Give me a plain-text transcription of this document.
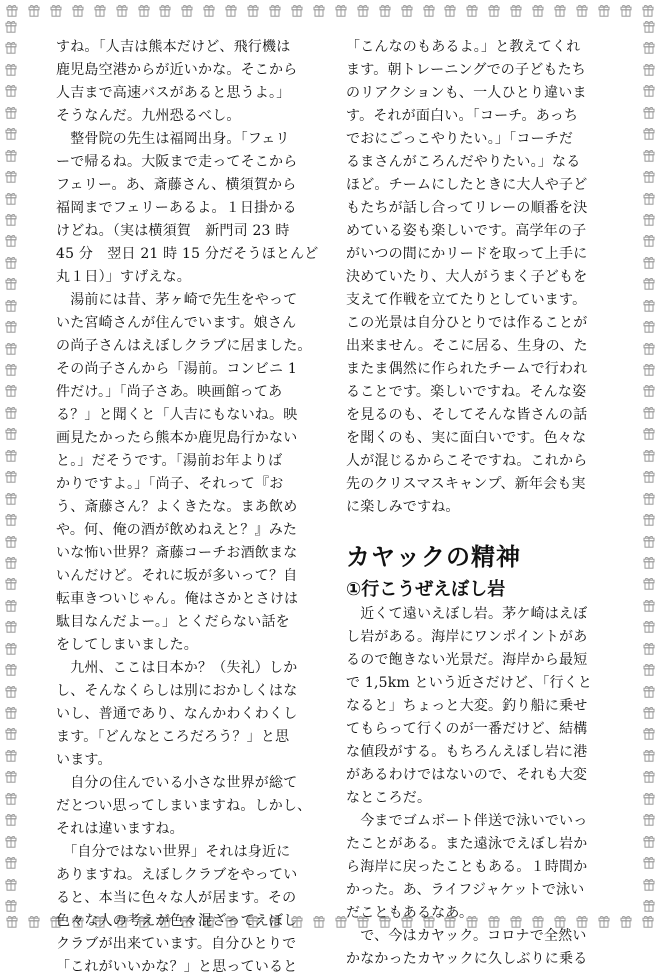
すね。「人吉は熊本だけど、飛行機は
鹿児島空港からが近いかな。そこから
人吉まで高速バスがあると思うよ。」
そうなんだ。九州恐るべし。
　整骨院の先生は福岡出身。「フェリ
ーで帰るね。大阪まで走ってそこから
フェリー。あ、斎藤さん、横須賀から
福岡までフェリーあるよ。１日掛かる
けどね。（実は横須賀　新門司 23 時
45 分　翌日 21 時 15 分だそうほとんど
丸１日）」すげえな。
　湯前には昔、茅ヶ崎で先生をやって
いた宮崎さんが住んでいます。娘さん
の尚子さんはえぼしクラブに居ました。
その尚子さんから「湯前。コンビニ 1
件だけ。」「尚子さあ。映画館ってあ
る？」と聞くと「人吉にもないね。映
画見たかったら熊本か鹿児島行かない
と。」だそうです。「湯前お年よりば
かりですよ。」「尚子、それって『お
う、斎藤さん？よくきたな。まあ飲め
や。何、俺の酒が飲めねえと？』みた
いな怖い世界？斎藤コーチお酒飲まな
いんだけど。それに坂が多いって？自
転車きついじゃん。俺はさかとさけは
駄目なんだよー。」とくだらない話を
をしてしまいました。
　九州、ここは日本か？（失礼）しか
し、そんなくらしは別におかしくはな
いし、普通であり、なんかわくわくし
ます。「どんなところだろう？」と思
います。
　自分の住んでいる小さな世界が総て
だとつい思ってしまいますね。しかし、
それは違いますね。
　「自分ではない世界」それは身近に
ありますね。えぼしクラブをやってい
ると、本当に色々な人が居ます。その
色々な人の考えが色々混ざってえぼし
クラブが出来ています。自分ひとりで
「これがいいかな？」と思っていると
「こんなのもあるよ。」と教えてくれ
ます。朝トレーニングでの子どもたち
のリアクションも、一人ひとり違いま
す。それが面白い。「コーチ。あっち
でおにごっこやりたい。」「コーチだ
るまさんがころんだやりたい。」なる
ほど。チームにしたときに大人や子ど
もたちが話し合ってリレーの順番を決
めている姿も楽しいです。高学年の子
がいつの間にかリードを取って上手に
決めていたり、大人がうまく子どもを
支えて作戦を立てたりとしています。
この光景は自分ひとりでは作ることが
出来ません。そこに居る、生身の、た
またま偶然に作られたチームで行われ
ることです。楽しいですね。そんな姿
を見るのも、そしてそんな皆さんの話
を聞くのも、実に面白いです。色々な
人が混じるからこそですね。これから
先のクリスマスキャンプ、新年会も実
に楽しみですね。
カヤックの精神
①行こうぜえぼし岩
　近くて遠いえぼし岩。茅ケ崎はえぼ
し岩がある。海岸にワンポイントがあ
るので飽きない光景だ。海岸から最短
で 1,5km という近さだけど、「行くと
なると」ちょっと大変。釣り船に乗せ
てもらって行くのが一番だけど、結構
な値段がする。もちろんえぼし岩に港
があるわけではないので、それも大変
なところだ。
　今までゴムボート伴送で泳いでいっ
たことがある。また遠泳でえぼし岩か
ら海岸に戻ったこともある。１時間か
かった。あ、ライフジャケットで泳い
だこともあるなあ。
　で、今はカヤック。コロナで全然い
かなかったカヤックに久しぶりに乗る
